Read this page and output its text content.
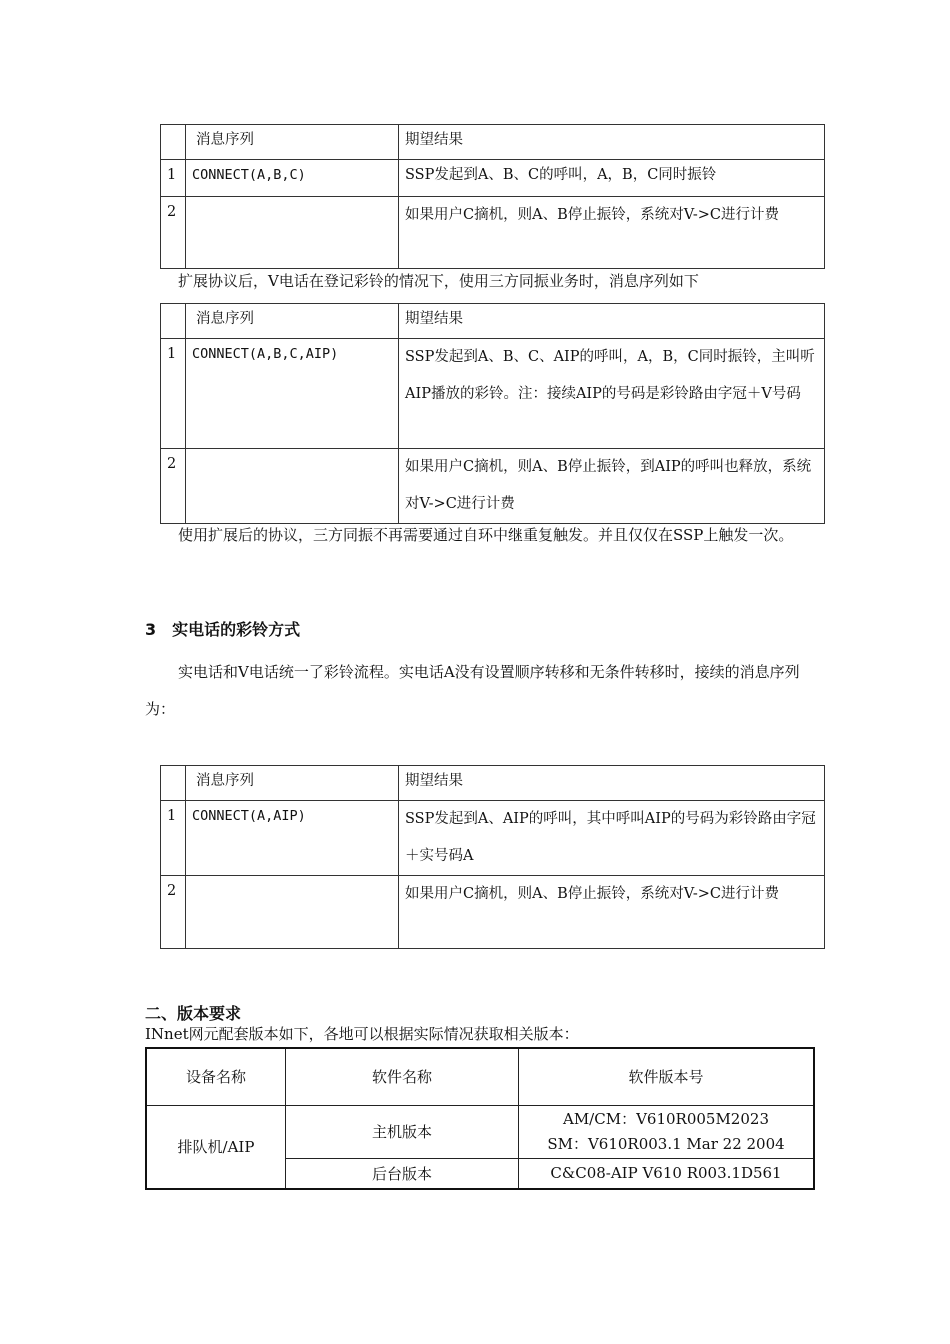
	消息序列	期望结果
1	CONNECT(A,B,C)	SSP发起到A、B、C的呼叫，A，B，C同时振铃
2		如果用户C摘机，则A、B停止振铃，系统对V->C进行计费
扩展协议后，V电话在登记彩铃的情况下，使用三方同振业务时，消息序列如下
	消息序列	期望结果
1	CONNECT(A,B,C,AIP)	SSP发起到A、B、C、AIP的呼叫，A，B，C同时振铃，主叫听AIP播放的彩铃。注：接续AIP的号码是彩铃路由字冠＋V号码
2		如果用户C摘机，则A、B停止振铃，到AIP的呼叫也释放，系统对V->C进行计费
使用扩展后的协议，三方同振不再需要通过自环中继重复触发。并且仅仅在SSP上触发一次。
3 实电话的彩铃方式
实电话和V电话统一了彩铃流程。实电话A没有设置顺序转移和无条件转移时，接续的消息序列为：
	消息序列	期望结果
1	CONNECT(A,AIP)	SSP发起到A、AIP的呼叫，其中呼叫AIP的号码为彩铃路由字冠＋实号码A
2		如果用户C摘机，则A、B停止振铃，系统对V->C进行计费
二、版本要求
INnet网元配套版本如下，各地可以根据实际情况获取相关版本：
设备名称	软件名称	软件版本号
排队机/AIP	主机版本	AM/CM：V610R005M2023
SM：V610R003.1 Mar 22 2004

	后台版本	C&C08-AIP V610 R003.1D561
